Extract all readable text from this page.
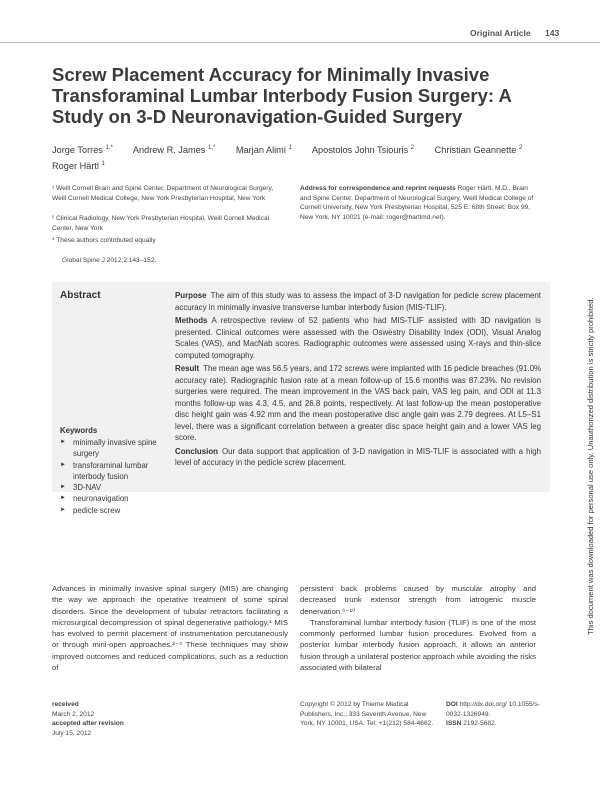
Original Article 143
Screw Placement Accuracy for Minimally Invasive Transforaminal Lumbar Interbody Fusion Surgery: A Study on 3-D Neuronavigation-Guided Surgery
Jorge Torres $^{1,*}$ Andrew R. James $^{1,*}$ Marjan Alimi $^1$ Apostolos John Tsiouris $^2$ Christian Geannette $^2$
Roger Härtl $^1$
¹ Weill Cornell Brain and Spine Center, Department of Neurological Surgery, Weill Cornell Medical College, New York Presbyterian Hospital, New York
² Clinical Radiology, New York Presbyterian Hospital, Weill Cornell Medical Center, New York
* These authors contributed equally
Global Spine J 2012;2:143–152.
Address for correspondence and reprint requests Roger Härtl, M.D., Brain and Spine Center, Department of Neurological Surgery, Weill Medical College of Cornell University, New York Presbyterian Hospital, 525 E. 68th Street, Box 99, New York, NY 10021 (e-mail: roger@hartlmd.net).
Abstract	Purpose The aim of this study was to assess the impact of 3-D navigation for pedicle screw placement accuracy in minimally invasive transverse lumbar interbody fusion (MIS-TLIF).

Methods A retrospective review of 52 patients who had MIS-TLIF assisted with 3D navigation is presented. Clinical outcomes were assessed with the Oswestry Disability Index (ODI), Visual Analog Scales (VAS), and MacNab scores. Radiographic outcomes were assessed using X-rays and thin-slice computed tomography.

Result The mean age was 56.5 years, and 172 screws were implanted with 16 pedicle breaches (91.0% accuracy rate). Radiographic fusion rate at a mean follow-up of 15.6 months was 87.23%. No revision surgeries were required. The mean improvement in the VAS back pain, VAS leg pain, and ODI at 11.3 months follow-up was 4.3, 4.5, and 26.8 points, respectively. At last follow-up the mean postoperative disc height gain was 4.92 mm and the mean postoperative disc angle gain was 2.79 degrees. At L5–S1 level, there was a significant correlation between a greater disc space height gain and a lower VAS leg score.

Conclusion Our data support that application of 3-D navigation in MIS-TLIF is associated with a high level of accuracy in the pedicle screw placement.

Keywords
► minimally invasive spine surgery
► transforaminal lumbar interbody fusion
► 3D-NAV
► neuronavigation
► pedicle screw

Advances in minimally invasive spinal surgery (MIS) are changing the way we approach the operative treatment of some spinal disorders. Since the development of tubular retractors facilitating a microsurgical decompression of spinal degenerative pathology,¹ MIS has evolved to permit placement of instrumentation percutaneously or through mini-open approaches.²⁻⁴ These techniques may show improved outcomes and reduced complications, such as a reduction of

persistent back problems caused by muscular atrophy and decreased trunk extensor strength from iatrogenic muscle denervation.⁵⁻¹⁰

Transforaminal lumbar interbody fusion (TLIF) is one of the most commonly performed lumbar fusion procedures. Evolved from a posterior lumbar interbody fusion approach, it allows an anterior fusion through a unilateral posterior approach while avoiding the risks associated with bilateral

received
March 2, 2012
accepted after revision
July 15, 2012
Copyright © 2012 by Thieme Medical Publishers, Inc., 333 Seventh Avenue, New York, NY 10001, USA. Tel: +1(212) 584-4662.
DOI http://dx.doi.org/ 10.1055/s-0032-1326949.
ISSN 2192-5682.
This document was downloaded for personal use only. Unauthorized distribution is strictly prohibited.
